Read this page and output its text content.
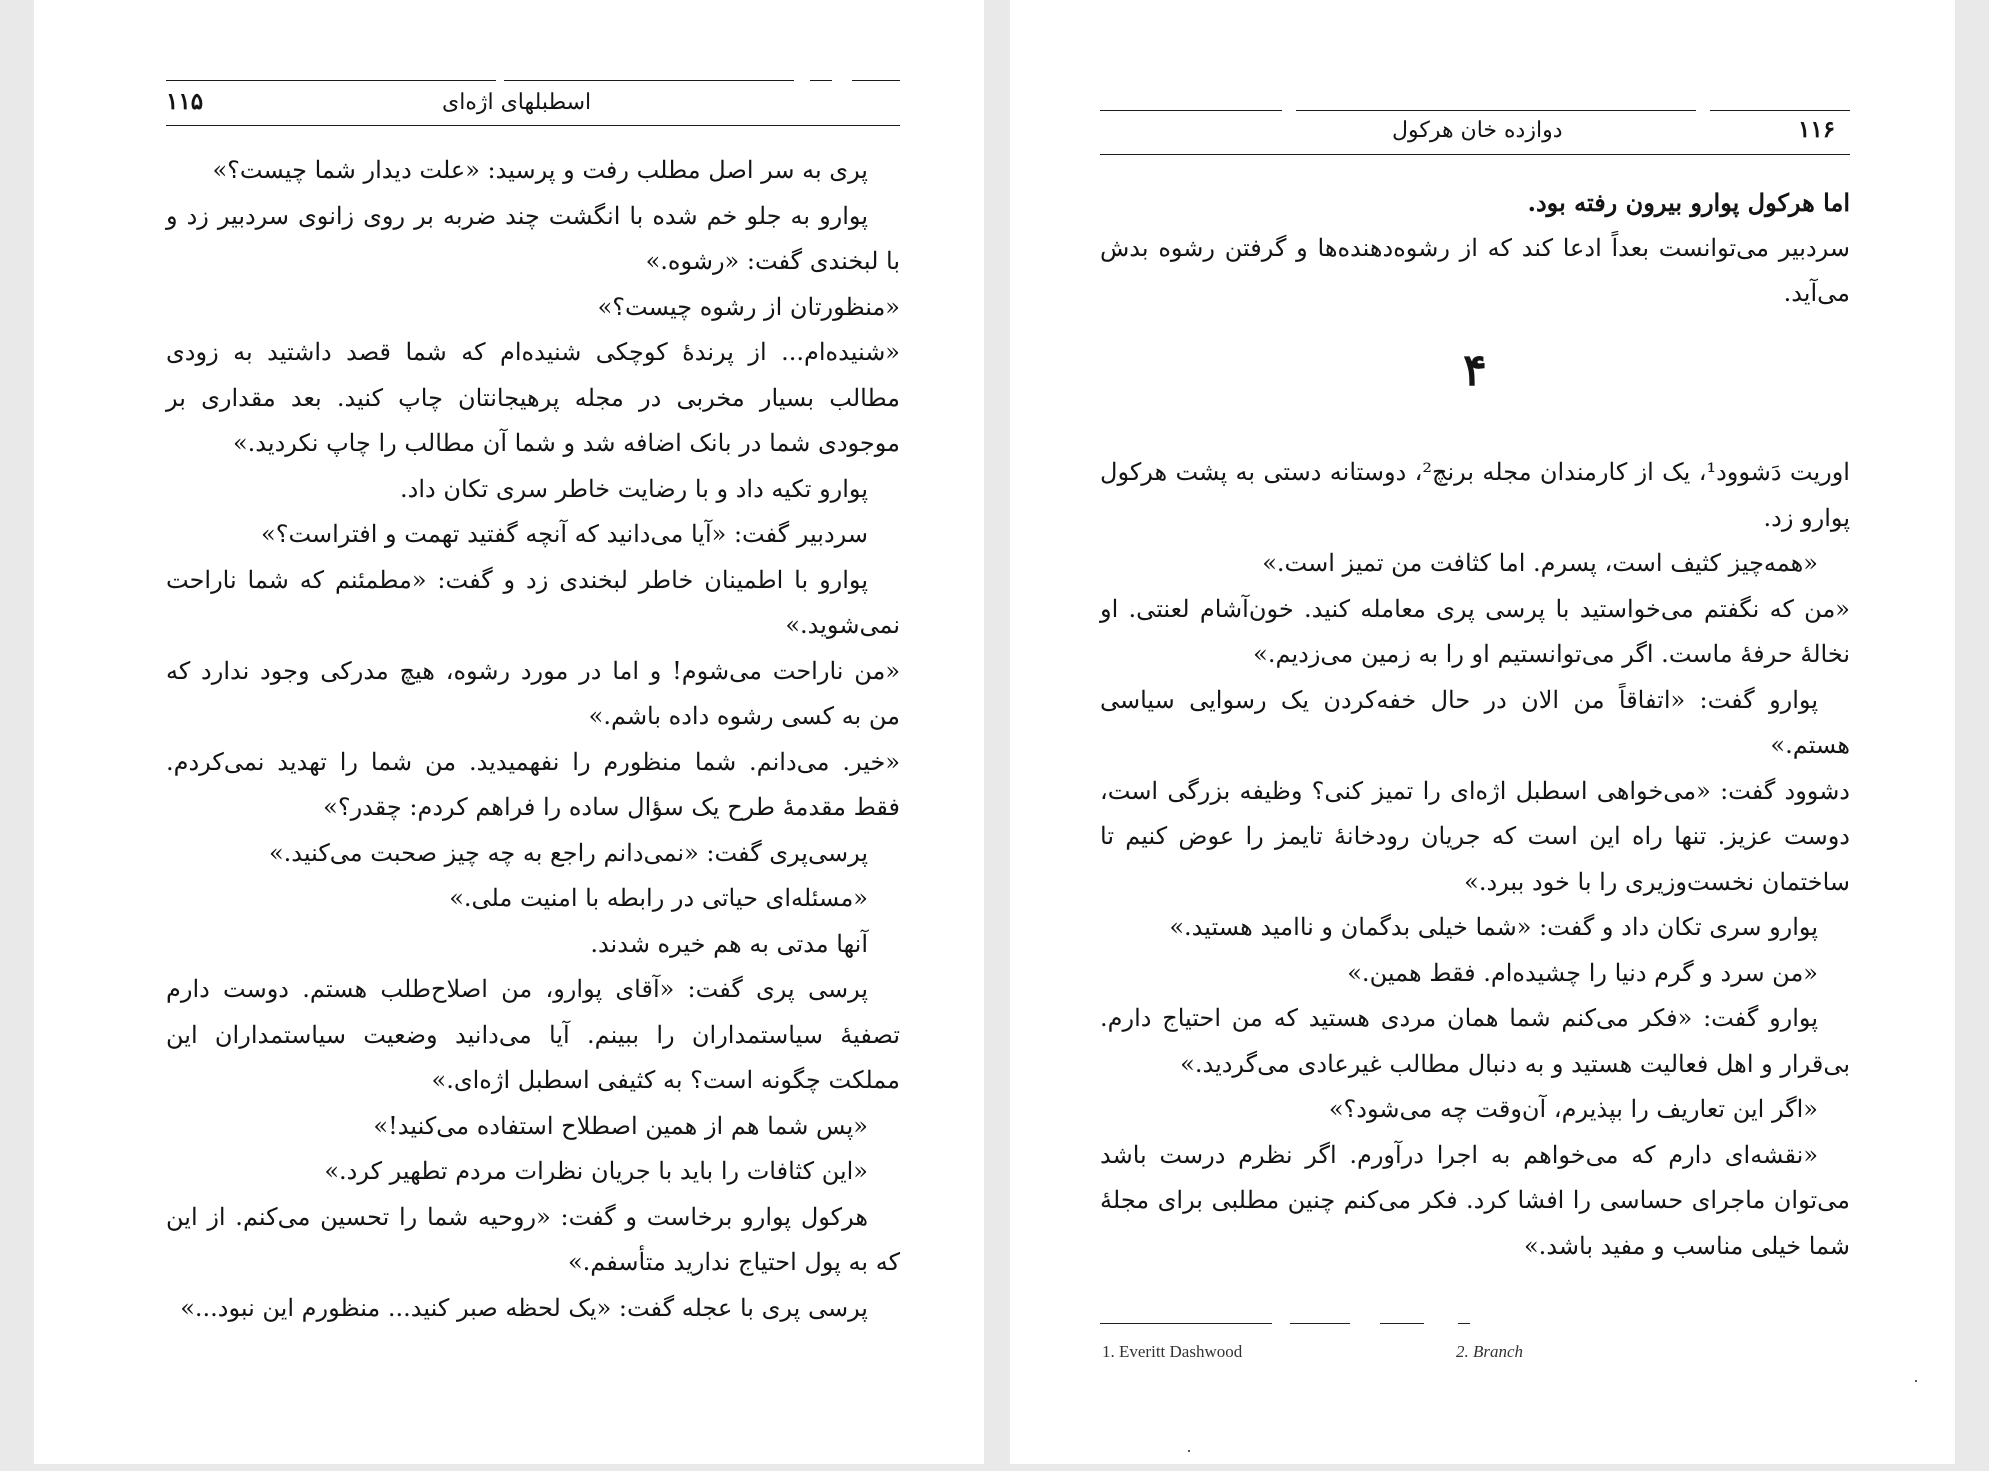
۱۱۵	اسطبلهای اژه‌ای

پری به سر اصل مطلب رفت و پرسید: «علت دیدار شما چیست؟»

پوارو به جلو خم شده با انگشت چند ضربه بر روی زانوی سردبیر زد و با لبخندی گفت: «رشوه.»

«منظورتان از رشوه چیست؟»

«شنیده‌ام... از پرندهٔ کوچکی شنیده‌ام که شما قصد داشتید به زودی مطالب بسیار مخربی در مجله پرهیجانتان چاپ کنید. بعد مقداری بر موجودی شما در بانک اضافه شد و شما آن مطالب را چاپ نکردید.»

پوارو تکیه داد و با رضایت خاطر سری تکان داد.

سردبیر گفت: «آیا می‌دانید که آنچه گفتید تهمت و افتراست؟»

پوارو با اطمینان خاطر لبخندی زد و گفت: «مطمئنم که شما ناراحت نمی‌شوید.»

«من ناراحت می‌شوم! و اما در مورد رشوه، هیچ مدرکی وجود ندارد که من به کسی رشوه داده باشم.»

«خیر. می‌دانم. شما منظورم را نفهمیدید. من شما را تهدید نمی‌کردم. فقط مقدمهٔ طرح یک سؤال ساده را فراهم کردم: چقدر؟»

پرسی‌پری گفت: «نمی‌دانم راجع به چه چیز صحبت می‌کنید.»

«مسئله‌ای حیاتی در رابطه با امنیت ملی.»

آنها مدتی به هم خیره شدند.

پرسی پری گفت: «آقای پوارو، من اصلاح‌طلب هستم. دوست دارم تصفیهٔ سیاستمداران را ببینم. آیا می‌دانید وضعیت سیاستمداران این مملکت چگونه است؟ به کثیفی اسطبل اژه‌ای.»

«پس شما هم از همین اصطلاح استفاده می‌کنید!»

«این کثافات را باید با جریان نظرات مردم تطهیر کرد.»

هرکول پوارو برخاست و گفت: «روحیه شما را تحسین می‌کنم. از این که به پول احتیاج ندارید متأسفم.»

پرسی پری با عجله گفت: «یک لحظه صبر کنید... منظورم این نبود...»

۱۱۶
دوازده خان هرکول

اما هرکول پوارو بیرون رفته بود.

سردبیر می‌توانست بعداً ادعا کند که از رشوه‌دهنده‌ها و گرفتن رشوه بدش می‌آید.

۴

اوریت دَشوود¹، یک از کارمندان مجله برنچ²، دوستانه دستی به پشت هرکول پوارو زد.

«همه‌چیز کثیف است، پسرم. اما کثافت من تمیز است.»

«من که نگفتم می‌خواستید با پرسی پری معامله کنید. خون‌آشام لعنتی. او نخالهٔ حرفهٔ ماست. اگر می‌توانستیم او را به زمین می‌زدیم.»

پوارو گفت: «اتفاقاً من الان در حال خفه‌کردن یک رسوایی سیاسی هستم.»

دشوود گفت: «می‌خواهی اسطبل اژه‌ای را تمیز کنی؟ وظیفه بزرگی است، دوست عزیز. تنها راه این است که جریان رودخانهٔ تایمز را عوض کنیم تا ساختمان نخست‌وزیری را با خود ببرد.»

پوارو سری تکان داد و گفت: «شما خیلی بدگمان و ناامید هستید.»

«من سرد و گرم دنیا را چشیده‌ام. فقط همین.»

پوارو گفت: «فکر می‌کنم شما همان مردی هستید که من احتیاج دارم. بی‌قرار و اهل فعالیت هستید و به دنبال مطالب غیرعادی می‌گردید.»

«اگر این تعاریف را بپذیرم، آن‌وقت چه می‌شود؟»

«نقشه‌ای دارم که می‌خواهم به اجرا درآورم. اگر نظرم درست باشد می‌توان ماجرای حساسی را افشا کرد. فکر می‌کنم چنین مطلبی برای مجلهٔ شما خیلی مناسب و مفید باشد.»

1. Everitt Dashwood	2. Branch
